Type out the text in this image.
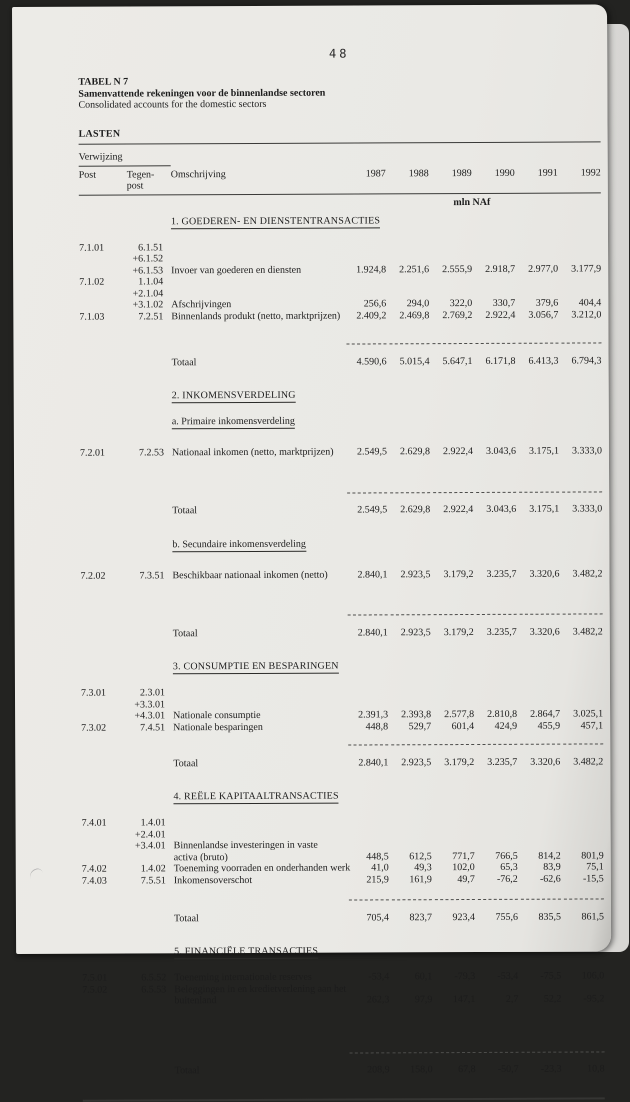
48
TABEL N 7
Samenvattende rekeningen voor de binnenlandse sectoren
Consolidated accounts for the domestic sectors
LASTEN
Verwijzing
Post	Tegen-
post
Omschrijving	1987	1988	1989	1990	1991	1992
mln NAf
1. GOEDEREN- EN DIENSTENTRANSACTIES
7.1.01	6.1.51
+6.1.52
+6.1.53 Invoer van goederen en diensten	1.924,8	2.251,6	2.555,9	2.918,7	2.977,0	3.177,9
7.1.02	1.1.04
+2.1.04
+3.1.02 Afschrijvingen	256,6	294,0	322,0	330,7	379,6	404,4
7.1.03	7.2.51 Binnenlands produkt (netto, marktprijzen)	2.409,2	2.469,8	2.769,2	2.922,4	3.056,7	3.212,0
Totaal	4.590,6	5.015,4	5.647,1	6.171,8	6.413,3	6.794,3
2. INKOMENSVERDELING
a. Primaire inkomensverdeling
7.2.01	7.2.53 Nationaal inkomen (netto, marktprijzen)	2.549,5	2.629,8	2.922,4	3.043,6	3.175,1	3.333,0
Totaal	2.549,5	2.629,8	2.922,4	3.043,6	3.175,1	3.333,0
b. Secundaire inkomensverdeling
7.2.02	7.3.51 Beschikbaar nationaal inkomen (netto)	2.840,1	2.923,5	3.179,2	3.235,7	3.320,6	3.482,2
Totaal	2.840,1	2.923,5	3.179,2	3.235,7	3.320,6	3.482,2
3. CONSUMPTIE EN BESPARINGEN
7.3.01	2.3.01
+3.3.01
+4.3.01 Nationale consumptie	2.391,3	2.393,8	2.577,8	2.810,8	2.864,7	3.025,1
7.3.02	7.4.51 Nationale besparingen	448,8	529,7	601,4	424,9	455,9	457,1
Totaal	2.840,1	2.923,5	3.179,2	3.235,7	3.320,6	3.482,2
4. REËLE KAPITAALTRANSACTIES
7.4.01	1.4.01
+2.4.01
+3.4.01 Binnenlandse investeringen in vaste
activa (bruto)	448,5	612,5	771,7	766,5	814,2	801,9
7.4.02	1.4.02 Toeneming voorraden en onderhanden werk	41,0	49,3	102,0	65,3	83,9	75,1
7.4.03	7.5.51 Inkomensoverschot	215,9	161,9	49,7	-76,2	-62,6	-15,5
Totaal	705,4	823,7	923,4	755,6	835,5	861,5
5. FINANCIËLE TRANSACTIES
7.5.01	6.5.52 Toeneming internationale reserves	-53,4	60,1	-79,3	-53,4	-75,5	106,0
7.5.02	6.5.53 Beleggingen in en kredietverlening aan het
buitenland	262,3	97,9	147,1	2,7	52,2	-95,2
Totaal	208,9	158,0	67,8	-50,7	-23,3	10,8
